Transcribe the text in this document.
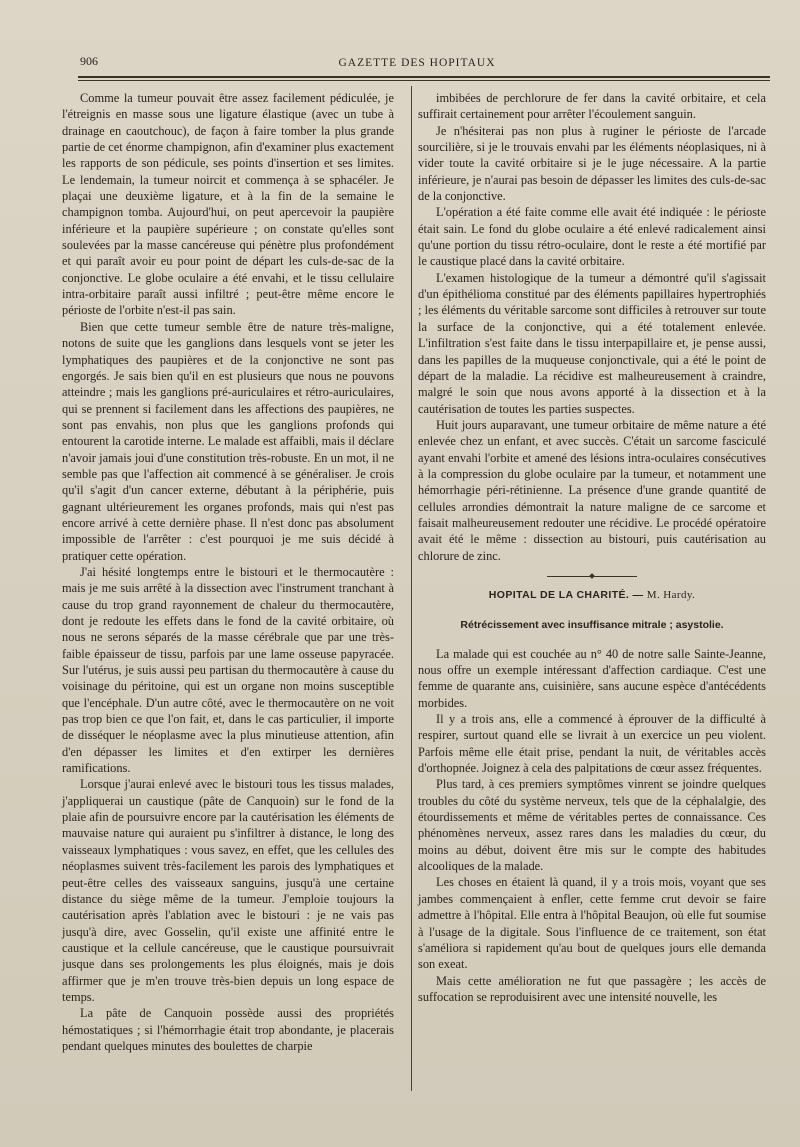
906	GAZETTE DES HOPITAUX

Comme la tumeur pouvait être assez facilement pédiculée, je l'étreignis en masse sous une ligature élastique (avec un tube à drainage en caoutchouc), de façon à faire tomber la plus grande partie de cet énorme champignon, afin d'examiner plus exactement les rapports de son pédicule, ses points d'insertion et ses limites. Le lendemain, la tumeur noircit et commença à se sphacéler. Je plaçai une deuxième ligature, et à la fin de la semaine le champignon tomba. Aujourd'hui, on peut apercevoir la paupière inférieure et la paupière supérieure ; on constate qu'elles sont soulevées par la masse cancéreuse qui pénètre plus profondément et qui paraît avoir eu pour point de départ les culs-de-sac de la conjonctive. Le globe oculaire a été envahi, et le tissu cellulaire intra-orbitaire paraît aussi infiltré ; peut-être même encore le périoste de l'orbite n'est-il pas sain.

Bien que cette tumeur semble être de nature très-maligne, notons de suite que les ganglions dans lesquels vont se jeter les lymphatiques des paupières et de la conjonctive ne sont pas engorgés. Je sais bien qu'il en est plusieurs que nous ne pouvons atteindre ; mais les ganglions pré-auriculaires et rétro-auriculaires, qui se prennent si facilement dans les affections des paupières, ne sont pas envahis, non plus que les ganglions profonds qui entourent la carotide interne. Le malade est affaibli, mais il déclare n'avoir jamais joui d'une constitution très-robuste. En un mot, il ne semble pas que l'affection ait commencé à se généraliser. Je crois qu'il s'agit d'un cancer externe, débutant à la périphérie, puis gagnant ultérieurement les organes profonds, mais qui n'est pas encore arrivé à cette dernière phase. Il n'est donc pas absolument impossible de l'arrêter : c'est pourquoi je me suis décidé à pratiquer cette opération.

J'ai hésité longtemps entre le bistouri et le thermocautère : mais je me suis arrêté à la dissection avec l'instrument tranchant à cause du trop grand rayonnement de chaleur du thermocautère, dont je redoute les effets dans le fond de la cavité orbitaire, où nous ne serons séparés de la masse cérébrale que par une très-faible épaisseur de tissu, parfois par une lame osseuse papyracée. Sur l'utérus, je suis aussi peu partisan du thermocautère à cause du voisinage du péritoine, qui est un organe non moins susceptible que l'encéphale. D'un autre côté, avec le thermocautère on ne voit pas trop bien ce que l'on fait, et, dans le cas particulier, il importe de disséquer le néoplasme avec la plus minutieuse attention, afin d'en dépasser les limites et d'en extirper les dernières ramifications.

Lorsque j'aurai enlevé avec le bistouri tous les tissus malades, j'appliquerai un caustique (pâte de Canquoin) sur le fond de la plaie afin de poursuivre encore par la cautérisation les éléments de mauvaise nature qui auraient pu s'infiltrer à distance, le long des vaisseaux lymphatiques : vous savez, en effet, que les cellules des néoplasmes suivent très-facilement les parois des lymphatiques et peut-être celles des vaisseaux sanguins, jusqu'à une certaine distance du siège même de la tumeur. J'emploie toujours la cautérisation après l'ablation avec le bistouri : je ne vais pas jusqu'à dire, avec Gosselin, qu'il existe une affinité entre le caustique et la cellule cancéreuse, que le caustique poursuivrait jusque dans ses prolongements les plus éloignés, mais je dois affirmer que je m'en trouve très-bien depuis un long espace de temps.

La pâte de Canquoin possède aussi des propriétés hémostatiques ; si l'hémorrhagie était trop abondante, je placerais pendant quelques minutes des boulettes de charpie

imbibées de perchlorure de fer dans la cavité orbitaire, et cela suffirait certainement pour arrêter l'écoulement sanguin.

Je n'hésiterai pas non plus à ruginer le périoste de l'arcade sourcilière, si je le trouvais envahi par les éléments néoplasiques, ni à vider toute la cavité orbitaire si je le juge nécessaire. A la partie inférieure, je n'aurai pas besoin de dépasser les limites des culs-de-sac de la conjonctive.

L'opération a été faite comme elle avait été indiquée : le périoste était sain. Le fond du globe oculaire a été enlevé radicalement ainsi qu'une portion du tissu rétro-oculaire, dont le reste a été mortifié par le caustique placé dans la cavité orbitaire.

L'examen histologique de la tumeur a démontré qu'il s'agissait d'un épithélioma constitué par des éléments papillaires hypertrophiés ; les éléments du véritable sarcome sont difficiles à retrouver sur toute la surface de la conjonctive, qui a été totalement enlevée. L'infiltration s'est faite dans le tissu interpapillaire et, je pense aussi, dans les papilles de la muqueuse conjonctivale, qui a été le point de départ de la maladie. La récidive est malheureusement à craindre, malgré le soin que nous avons apporté à la dissection et à la cautérisation de toutes les parties suspectes.

Huit jours auparavant, une tumeur orbitaire de même nature a été enlevée chez un enfant, et avec succès. C'était un sarcome fasciculé ayant envahi l'orbite et amené des lésions intra-oculaires consécutives à la compression du globe oculaire par la tumeur, et notamment une hémorrhagie péri-rétinienne. La présence d'une grande quantité de cellules arrondies démontrait la nature maligne de ce sarcome et faisait malheureusement redouter une récidive. Le procédé opératoire avait été le même : dissection au bistouri, puis cautérisation au chlorure de zinc.

HOPITAL DE LA CHARITÉ. — M. Hardy.
Rétrécissement avec insuffisance mitrale ; asystolie.

La malade qui est couchée au n° 40 de notre salle Sainte-Jeanne, nous offre un exemple intéressant d'affection cardiaque. C'est une femme de quarante ans, cuisinière, sans aucune espèce d'antécédents morbides.

Il y a trois ans, elle a commencé à éprouver de la difficulté à respirer, surtout quand elle se livrait à un exercice un peu violent. Parfois même elle était prise, pendant la nuit, de véritables accès d'orthopnée. Joignez à cela des palpitations de cœur assez fréquentes.

Plus tard, à ces premiers symptômes vinrent se joindre quelques troubles du côté du système nerveux, tels que de la céphalalgie, des étourdissements et même de véritables pertes de connaissance. Ces phénomènes nerveux, assez rares dans les maladies du cœur, du moins au début, doivent être mis sur le compte des habitudes alcooliques de la malade.

Les choses en étaient là quand, il y a trois mois, voyant que ses jambes commençaient à enfler, cette femme crut devoir se faire admettre à l'hôpital. Elle entra à l'hôpital Beaujon, où elle fut soumise à l'usage de la digitale. Sous l'influence de ce traitement, son état s'améliora si rapidement qu'au bout de quelques jours elle demanda son exeat.

Mais cette amélioration ne fut que passagère ; les accès de suffocation se reproduisirent avec une intensité nouvelle, les
